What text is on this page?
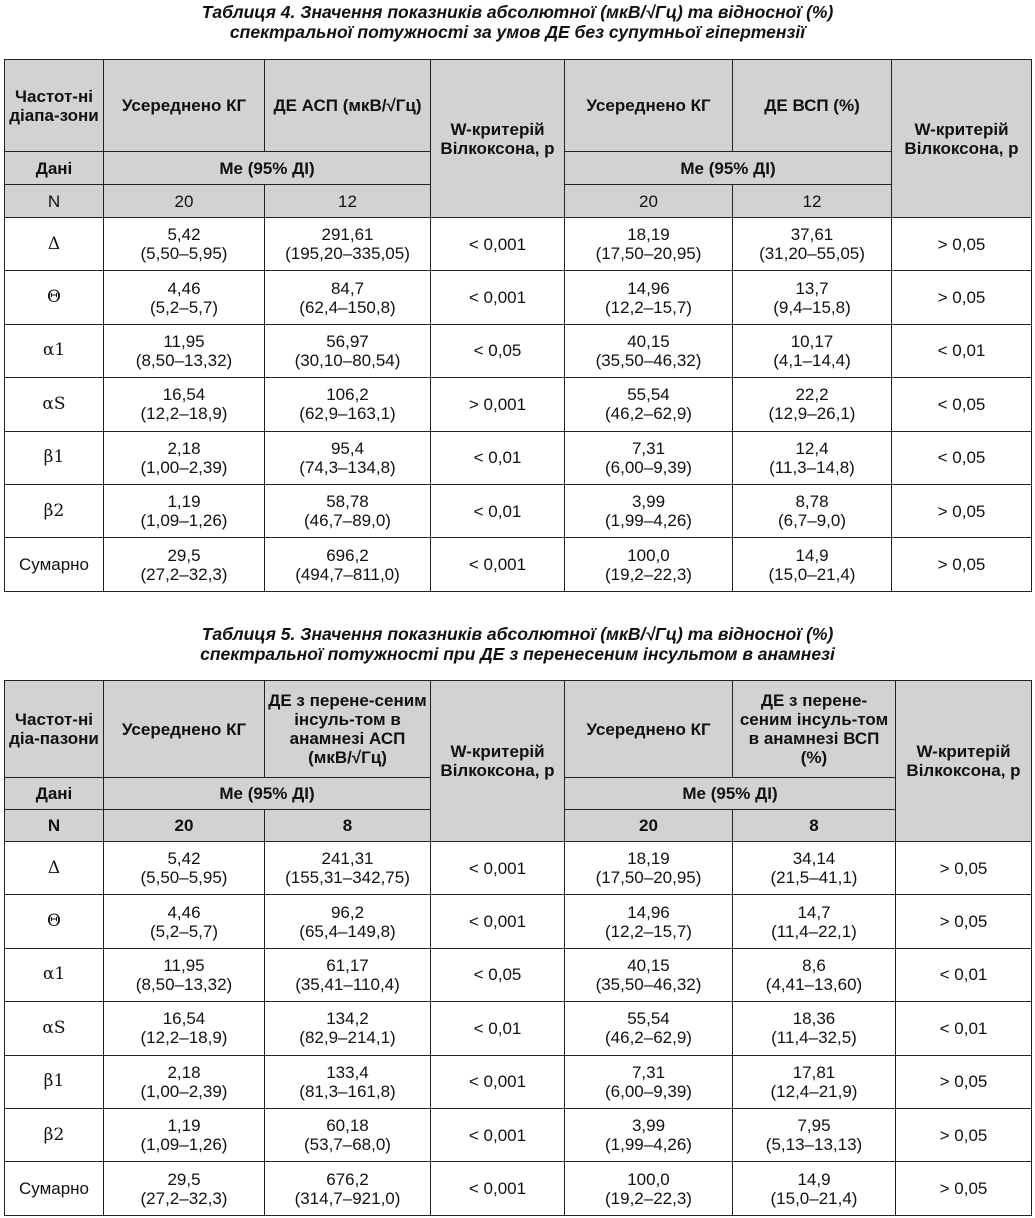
Таблиця 4. Значення показників абсолютної (мкВ/√Гц) та відносної (%)
спектральної потужності за умов ДЕ без супутньої гіпертензії
Частот-ні діапа-зони	Усереднено КГ	ДЕ АСП (мкВ/√Гц)	W-критерій Вілкоксона, p	Усереднено КГ	ДЕ ВСП (%)	W-критерій Вілкоксона, p
Дані	Me (95% ДІ)			Me (95% ДІ)		
N	20	12		20	12	
Δ	5,42
(5,50–5,95)	291,61
(195,20–335,05)	< 0,001	18,19
(17,50–20,95)	37,61
(31,20–55,05)	> 0,05
Θ	4,46
(5,2–5,7)	84,7
(62,4–150,8)	< 0,001	14,96
(12,2–15,7)	13,7
(9,4–15,8)	> 0,05
α1	11,95
(8,50–13,32)	56,97
(30,10–80,54)	< 0,05	40,15
(35,50–46,32)	10,17
(4,1–14,4)	< 0,01
αS	16,54
(12,2–18,9)	106,2
(62,9–163,1)	> 0,001	55,54
(46,2–62,9)	22,2
(12,9–26,1)	< 0,05
β1	2,18
(1,00–2,39)	95,4
(74,3–134,8)	< 0,01	7,31
(6,00–9,39)	12,4
(11,3–14,8)	< 0,05
β2	1,19
(1,09–1,26)	58,78
(46,7–89,0)	< 0,01	3,99
(1,99–4,26)	8,78
(6,7–9,0)	> 0,05
Сумарно	29,5
(27,2–32,3)	696,2
(494,7–811,0)	< 0,001	100,0
(19,2–22,3)	14,9
(15,0–21,4)	> 0,05
Таблиця 5. Значення показників абсолютної (мкВ/√Гц) та відносної (%)
спектральної потужності при ДЕ з перенесеним інсультом в анамнезі
Частот-ні діа-пазони	Усереднено КГ	ДЕ з перене-сеним інсуль-том в анамнезі АСП (мкВ/√Гц)	W-критерій Вілкоксона, p	Усереднено КГ	ДЕ з перене-сеним інсуль-том в анамнезі ВСП (%)	W-критерій Вілкоксона, p
Дані	Me (95% ДІ)			Me (95% ДІ)		
N	20	8		20	8	
Δ	5,42
(5,50–5,95)	241,31
(155,31–342,75)	< 0,001	18,19
(17,50–20,95)	34,14
(21,5–41,1)	> 0,05
Θ	4,46
(5,2–5,7)	96,2
(65,4–149,8)	< 0,001	14,96
(12,2–15,7)	14,7
(11,4–22,1)	> 0,05
α1	11,95
(8,50–13,32)	61,17
(35,41–110,4)	< 0,05	40,15
(35,50–46,32)	8,6
(4,41–13,60)	< 0,01
αS	16,54
(12,2–18,9)	134,2
(82,9–214,1)	< 0,01	55,54
(46,2–62,9)	18,36
(11,4–32,5)	< 0,01
β1	2,18
(1,00–2,39)	133,4
(81,3–161,8)	< 0,001	7,31
(6,00–9,39)	17,81
(12,4–21,9)	> 0,05
β2	1,19
(1,09–1,26)	60,18
(53,7–68,0)	< 0,001	3,99
(1,99–4,26)	7,95
(5,13–13,13)	> 0,05
Сумарно	29,5
(27,2–32,3)	676,2
(314,7–921,0)	< 0,001	100,0
(19,2–22,3)	14,9
(15,0–21,4)	> 0,05
